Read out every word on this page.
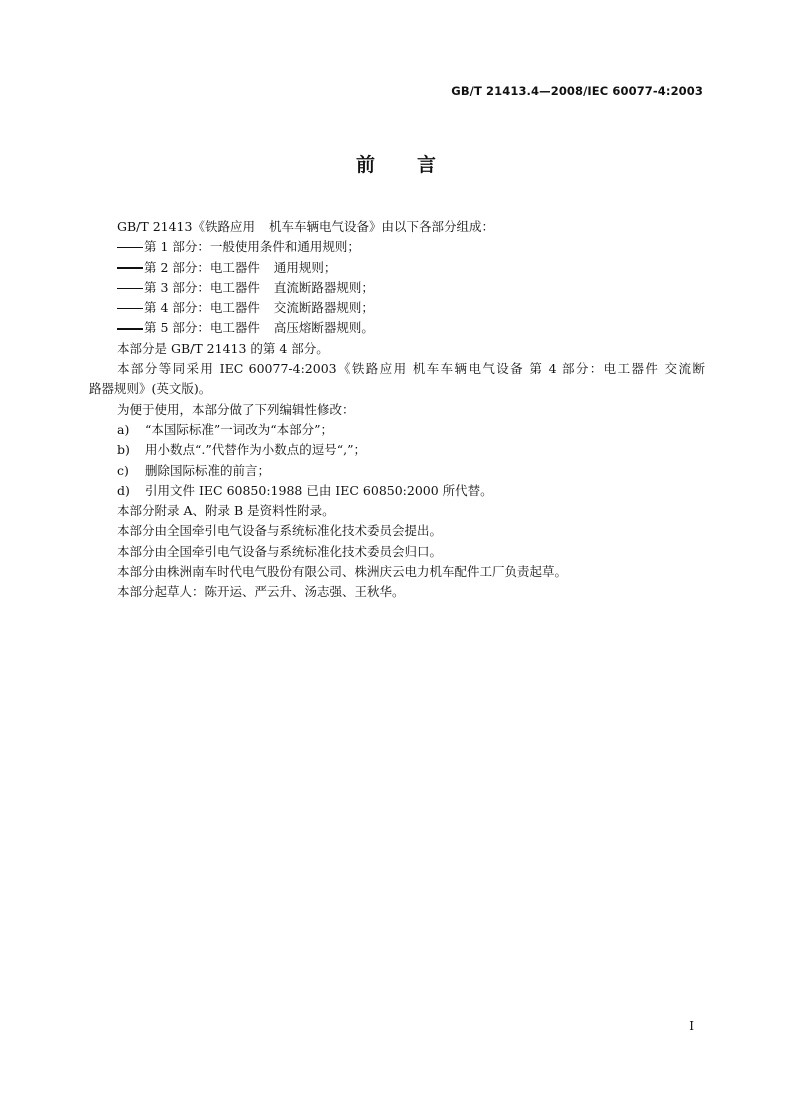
GB/T 21413.4—2008/IEC 60077-4:2003
前言
GB/T 21413《铁路应用 机车车辆电气设备》由以下各部分组成：
第 1 部分：一般使用条件和通用规则；
第 2 部分：电工器件 通用规则；
第 3 部分：电工器件 直流断路器规则；
第 4 部分：电工器件 交流断路器规则；
第 5 部分：电工器件 高压熔断器规则。
本部分是 GB/T 21413 的第 4 部分。
本部分等同采用 IEC 60077-4:2003《铁路应用 机车车辆电气设备 第 4 部分：电工器件 交流断
路器规则》(英文版)。
为便于使用，本部分做了下列编辑性修改：
a) “本国际标准”一词改为“本部分”；
b) 用小数点“.”代替作为小数点的逗号“,”；
c) 删除国际标准的前言；
d) 引用文件 IEC 60850:1988 已由 IEC 60850:2000 所代替。
本部分附录 A、附录 B 是资料性附录。
本部分由全国牵引电气设备与系统标准化技术委员会提出。
本部分由全国牵引电气设备与系统标准化技术委员会归口。
本部分由株洲南车时代电气股份有限公司、株洲庆云电力机车配件工厂负责起草。
本部分起草人：陈开运、严云升、汤志强、王秋华。
I
